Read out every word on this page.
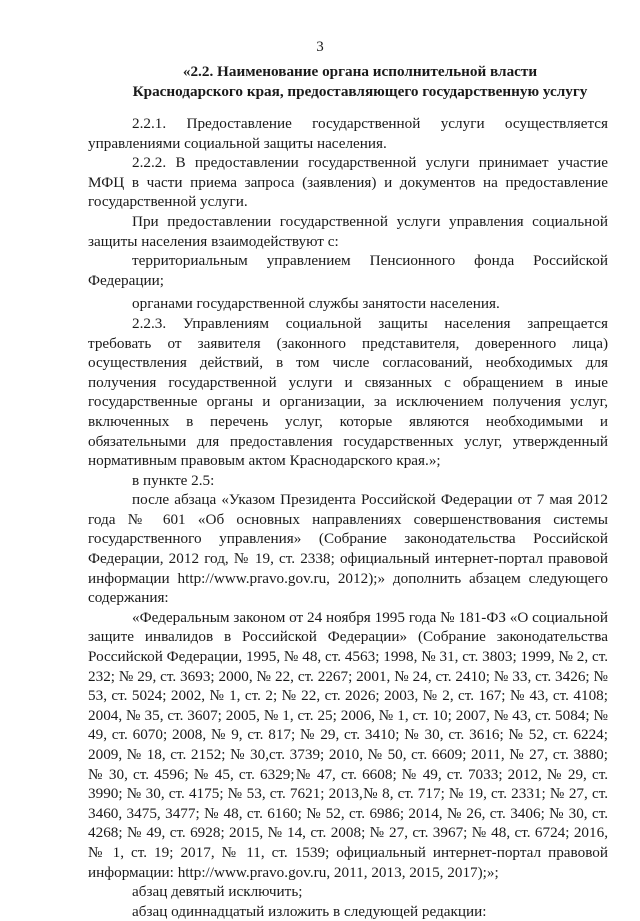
3
«2.2. Наименование органа исполнительной власти
Краснодарского края, предоставляющего государственную услугу

2.2.1. Предоставление государственной услуги осуществляется управлениями социальной защиты населения.

2.2.2. В предоставлении государственной услуги принимает участие МФЦ в части приема запроса (заявления) и документов на предоставление государственной услуги.

При предоставлении государственной услуги управления социальной защиты населения взаимодействуют с:

территориальным управлением Пенсионного фонда Российской Федерации;

органами государственной службы занятости населения.

2.2.3. Управлениям социальной защиты населения запрещается требовать от заявителя (законного представителя, доверенного лица) осуществления действий, в том числе согласований, необходимых для получения государственной услуги и связанных с обращением в иные государственные органы и организации, за исключением получения услуг, включенных в перечень услуг, которые являются необходимыми и обязательными для предоставления государственных услуг, утвержденный нормативным правовым актом Краснодарского края.»;

в пункте 2.5:

после абзаца «Указом Президента Российской Федерации от 7 мая 2012 года № 601 «Об основных направлениях совершенствования системы государственного управления» (Собрание законодательства Российской Федерации, 2012 год, № 19, ст. 2338; официальный интернет-портал правовой информации http://www.pravo.gov.ru, 2012);» дополнить абзацем следующего содержания:

«Федеральным законом от 24 ноября 1995 года № 181-ФЗ «О социальной защите инвалидов в Российской Федерации» (Собрание законодательства Российской Федерации, 1995, № 48, ст. 4563; 1998, № 31, ст. 3803; 1999, № 2, ст. 232; № 29, ст. 3693; 2000, № 22, ст. 2267; 2001, № 24, ст. 2410; № 33, ст. 3426; № 53, ст. 5024; 2002, № 1, ст. 2; № 22, ст. 2026; 2003, № 2, ст. 167; № 43, ст. 4108; 2004, № 35, ст. 3607; 2005, № 1, ст. 25; 2006, № 1, ст. 10; 2007, № 43, ст. 5084; № 49, ст. 6070; 2008, № 9, ст. 817; № 29, ст. 3410; № 30, ст. 3616; № 52, ст. 6224; 2009, № 18, ст. 2152; № 30,ст. 3739; 2010, № 50, ст. 6609; 2011, № 27, ст. 3880; № 30, ст. 4596; № 45, ст. 6329;№ 47, ст. 6608; № 49, ст. 7033; 2012, № 29, ст. 3990; № 30, ст. 4175; № 53, ст. 7621; 2013,№ 8, ст. 717; № 19, ст. 2331; № 27, ст. 3460, 3475, 3477; № 48, ст. 6160; № 52, ст. 6986; 2014, № 26, ст. 3406; № 30, ст. 4268; № 49, ст. 6928; 2015, № 14, ст. 2008; № 27, ст. 3967; № 48, ст. 6724; 2016, № 1, ст. 19; 2017, № 11, ст. 1539; официальный интернет-портал правовой информации: http://www.pravo.gov.ru, 2011, 2013, 2015, 2017);»;

абзац девятый исключить;

абзац одиннадцатый изложить в следующей редакции:
